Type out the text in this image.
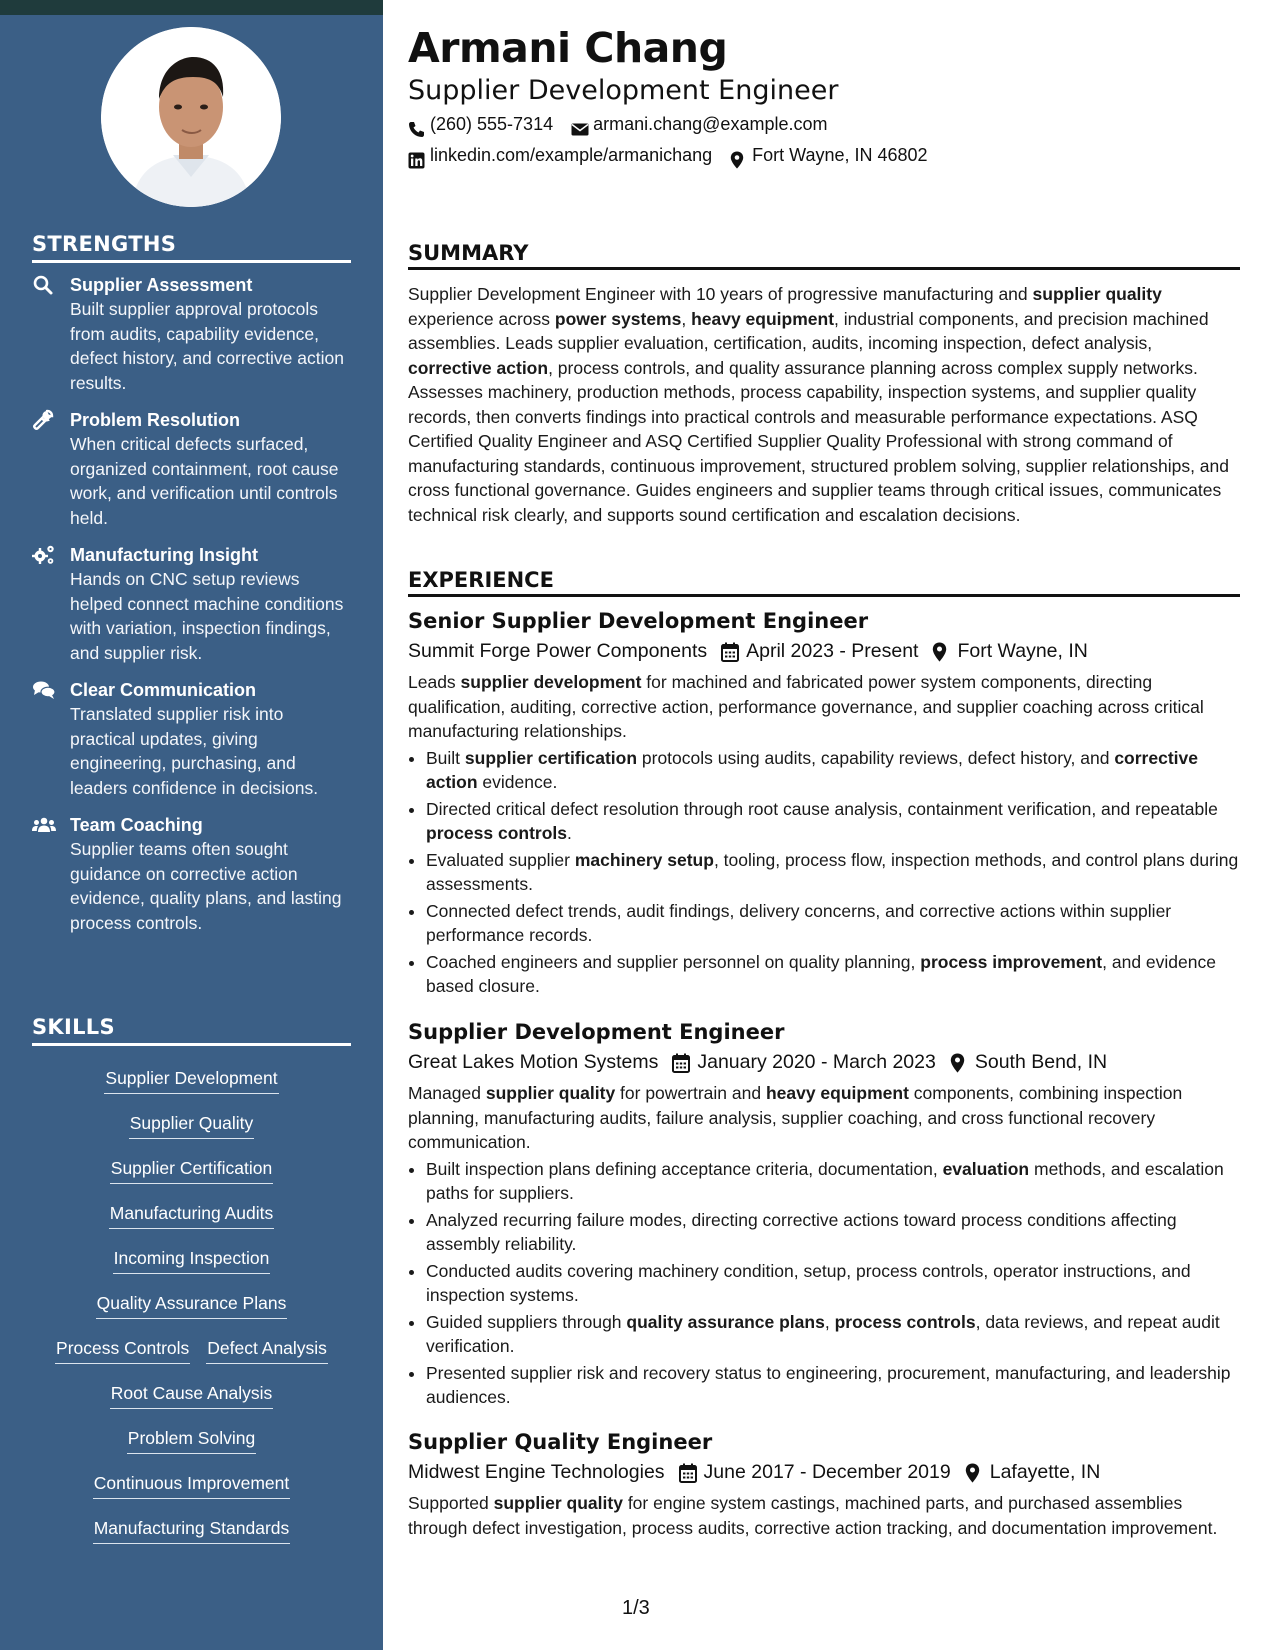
STRENGTHS
Supplier Assessment
Built supplier approval protocols from audits, capability evidence, defect history, and corrective action results.
Problem Resolution
When critical defects surfaced, organized containment, root cause work, and verification until controls held.
Manufacturing Insight
Hands on CNC setup reviews helped connect machine conditions with variation, inspection findings, and supplier risk.
Clear Communication
Translated supplier risk into practical updates, giving engineering, purchasing, and leaders confidence in decisions.
Team Coaching
Supplier teams often sought guidance on corrective action evidence, quality plans, and lasting process controls.
SKILLS
Supplier Development
Supplier Quality
Supplier Certification
Manufacturing Audits
Incoming Inspection
Quality Assurance Plans
Process Controls Defect Analysis
Root Cause Analysis
Problem Solving
Continuous Improvement
Manufacturing Standards
Armani Chang
Supplier Development Engineer
(260) 555-7314 armani.chang@example.com
linkedin.com/example/armanichang Fort Wayne, IN 46802
SUMMARY
Supplier Development Engineer with 10 years of progressive manufacturing and supplier quality experience across power systems, heavy equipment, industrial components, and precision machined assemblies. Leads supplier evaluation, certification, audits, incoming inspection, defect analysis, corrective action, process controls, and quality assurance planning across complex supply networks. Assesses machinery, production methods, process capability, inspection systems, and supplier quality records, then converts findings into practical controls and measurable performance expectations. ASQ Certified Quality Engineer and ASQ Certified Supplier Quality Professional with strong command of manufacturing standards, continuous improvement, structured problem solving, supplier relationships, and cross functional governance. Guides engineers and supplier teams through critical issues, communicates technical risk clearly, and supports sound certification and escalation decisions.
EXPERIENCE
Senior Supplier Development Engineer
Summit Forge Power Components April 2023 - Present Fort Wayne, IN
Leads supplier development for machined and fabricated power system components, directing qualification, auditing, corrective action, performance governance, and supplier coaching across critical manufacturing relationships.
• Built supplier certification protocols using audits, capability reviews, defect history, and corrective action evidence.
• Directed critical defect resolution through root cause analysis, containment verification, and repeatable process controls.
• Evaluated supplier machinery setup, tooling, process flow, inspection methods, and control plans during assessments.
• Connected defect trends, audit findings, delivery concerns, and corrective actions within supplier performance records.
• Coached engineers and supplier personnel on quality planning, process improvement, and evidence based closure.
Supplier Development Engineer
Great Lakes Motion Systems January 2020 - March 2023 South Bend, IN
Managed supplier quality for powertrain and heavy equipment components, combining inspection planning, manufacturing audits, failure analysis, supplier coaching, and cross functional recovery communication.
• Built inspection plans defining acceptance criteria, documentation, evaluation methods, and escalation paths for suppliers.
• Analyzed recurring failure modes, directing corrective actions toward process conditions affecting assembly reliability.
• Conducted audits covering machinery condition, setup, process controls, operator instructions, and inspection systems.
• Guided suppliers through quality assurance plans, process controls, data reviews, and repeat audit verification.
• Presented supplier risk and recovery status to engineering, procurement, manufacturing, and leadership audiences.
Supplier Quality Engineer
Midwest Engine Technologies June 2017 - December 2019 Lafayette, IN
Supported supplier quality for engine system castings, machined parts, and purchased assemblies through defect investigation, process audits, corrective action tracking, and documentation improvement.
1/3
